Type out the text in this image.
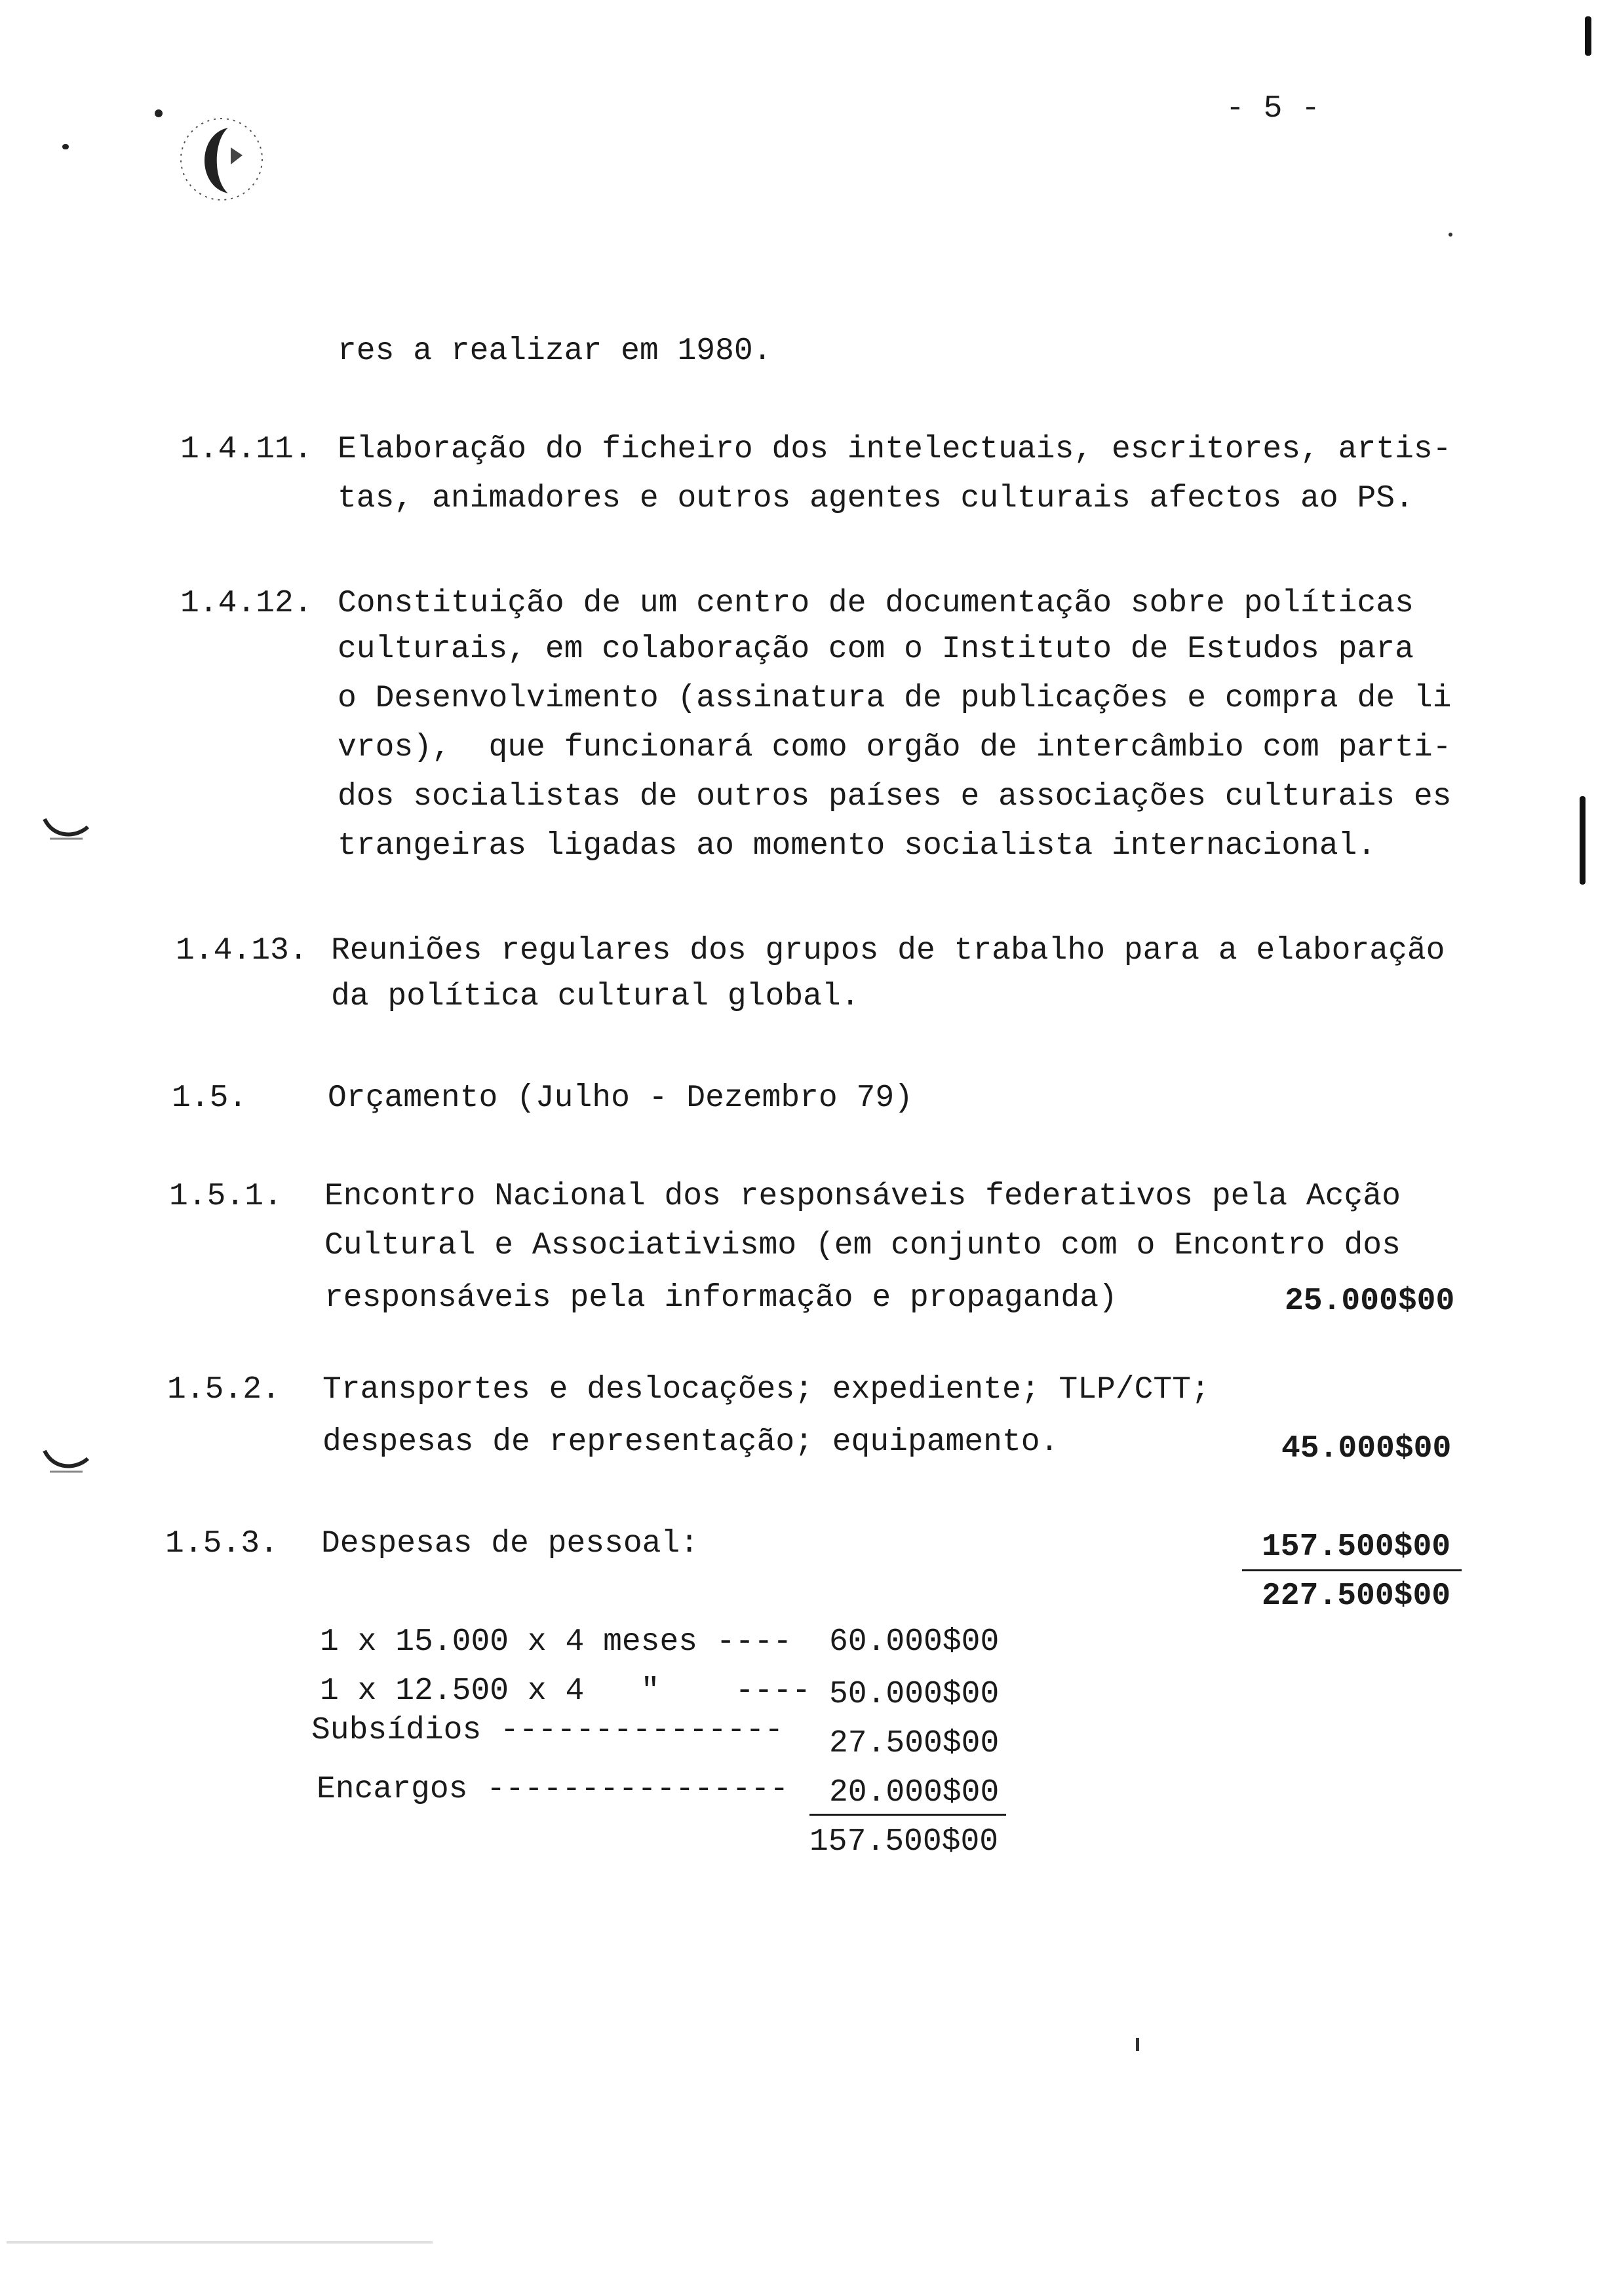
- 5 -
res a realizar em 1980.
1.4.11. Elaboração do ficheiro dos intelectuais, escritores, artis-
tas, animadores e outros agentes culturais afectos ao PS.
1.4.12. Constituição de um centro de documentação sobre políticas
culturais, em colaboração com o Instituto de Estudos para
o Desenvolvimento (assinatura de publicações e compra de li
vros),  que funcionará como orgão de intercâmbio com parti-
dos socialistas de outros países e associações culturais es
trangeiras ligadas ao momento socialista internacional.
1.4.13. Reuniões regulares dos grupos de trabalho para a elaboração
da política cultural global.
1.5.	Orçamento (Julho - Dezembro 79)
1.5.1. Encontro Nacional dos responsáveis federativos pela Acção
Cultural e Associativismo (em conjunto com o Encontro dos
responsáveis pela informação e propaganda)	25.000$00
1.5.2. Transportes e deslocações; expediente; TLP/CTT;
despesas de representação; equipamento.	45.000$00
1.5.3. Despesas de pessoal:	157.500$00
227.500$00
1 x 15.000 x 4 meses ---- 60.000$00
1 x 12.500 x 4   "    ---- 50.000$00
Subsídios --------------- 27.500$00
Encargos ---------------- 20.000$00
157.500$00
